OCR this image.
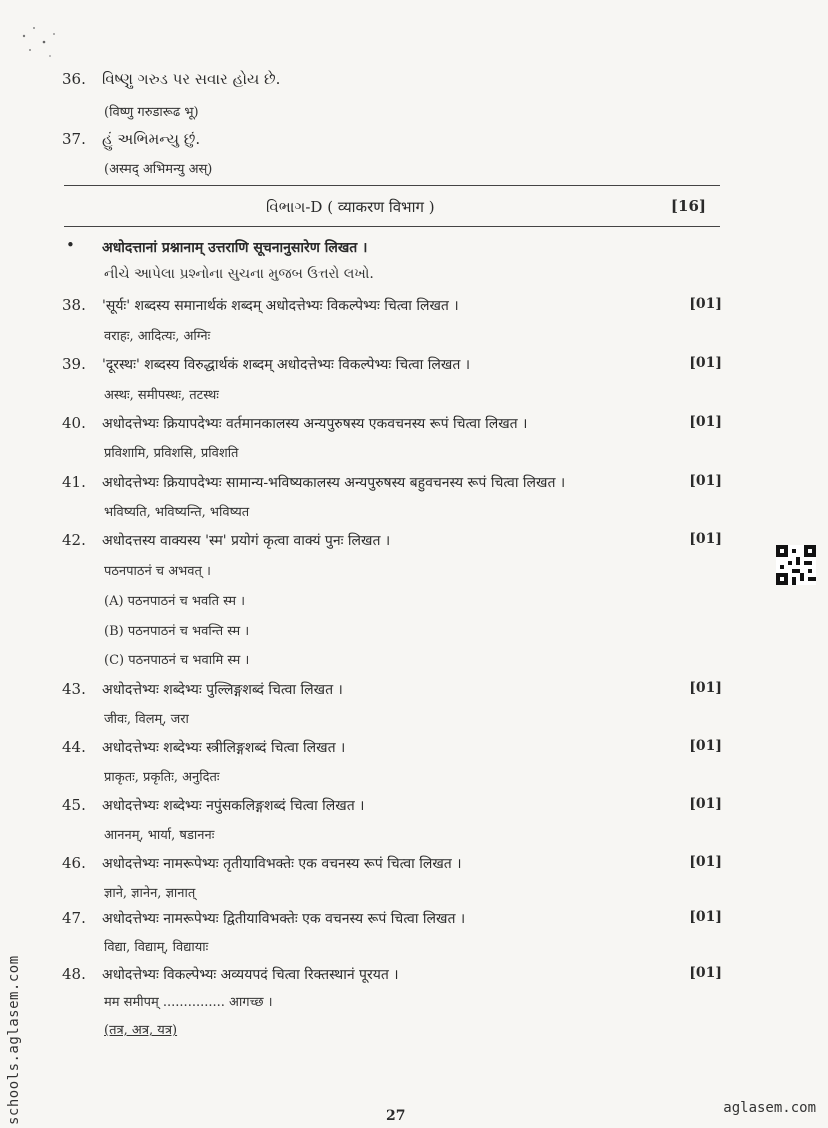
36. વિષ્ણુ ગરુડ પર સવાર હોય છે.
(विष्णु गरुडारूढ भू)
37. હું અભિમન્યુ છું.
(अस्मद् अभिमन्यु अस्)
વિભાગ-D ( व्याकरण विभाग )	[16]
• अधोदत्तानां प्रश्नानाम् उत्तराणि सूचनानुसारेण लिखत ।
નીચે આપેલા પ્રશ્નોના સુચના મુજબ ઉત્તરો લખો.
38. 'सूर्यः' शब्दस्य समानार्थकं शब्दम् अधोदत्तेभ्यः विकल्पेभ्यः चित्वा लिखत ।	[01]
वराहः, आदित्यः, अग्निः
39. 'दूरस्थः' शब्दस्य विरुद्धार्थकं शब्दम् अधोदत्तेभ्यः विकल्पेभ्यः चित्वा लिखत ।	[01]
अस्थः, समीपस्थः, तटस्थः
40. अधोदत्तेभ्यः क्रियापदेभ्यः वर्तमानकालस्य अन्यपुरुषस्य एकवचनस्य रूपं चित्वा लिखत ।	[01]
प्रविशामि, प्रविशसि, प्रविशति
41. अधोदत्तेभ्यः क्रियापदेभ्यः सामान्य-भविष्यकालस्य अन्यपुरुषस्य बहुवचनस्य रूपं चित्वा लिखत ।	[01]
भविष्यति, भविष्यन्ति, भविष्यत
42. अधोदत्तस्य वाक्यस्य 'स्म' प्रयोगं कृत्वा वाक्यं पुनः लिखत ।	[01]
पठनपाठनं च अभवत् ।
(A) पठनपाठनं च भवति स्म ।
(B) पठनपाठनं च भवन्ति स्म ।
(C) पठनपाठनं च भवामि स्म ।
43. अधोदत्तेभ्यः शब्देभ्यः पुल्लिङ्गशब्दं चित्वा लिखत ।	[01]
जीवः, विलम्, जरा
44. अधोदत्तेभ्यः शब्देभ्यः स्त्रीलिङ्गशब्दं चित्वा लिखत ।	[01]
प्राकृतः, प्रकृतिः, अनुदितः
45. अधोदत्तेभ्यः शब्देभ्यः नपुंसकलिङ्गशब्दं चित्वा लिखत ।	[01]
आननम्, भार्या, षडाननः
46. अधोदत्तेभ्यः नामरूपेभ्यः तृतीयाविभक्तेः एक वचनस्य रूपं चित्वा लिखत ।	[01]
ज्ञाने, ज्ञानेन, ज्ञानात्
47. अधोदत्तेभ्यः नामरूपेभ्यः द्वितीयाविभक्तेः एक वचनस्य रूपं चित्वा लिखत ।	[01]
विद्या, विद्याम्, विद्यायाः
48. अधोदत्तेभ्यः विकल्पेभ्यः अव्ययपदं चित्वा रिक्तस्थानं पूरयत ।	[01]
मम समीपम् ............... आगच्छ ।
(तत्र, अत्र, यत्र)
27
schools.aglasem.com	aglasem.com
